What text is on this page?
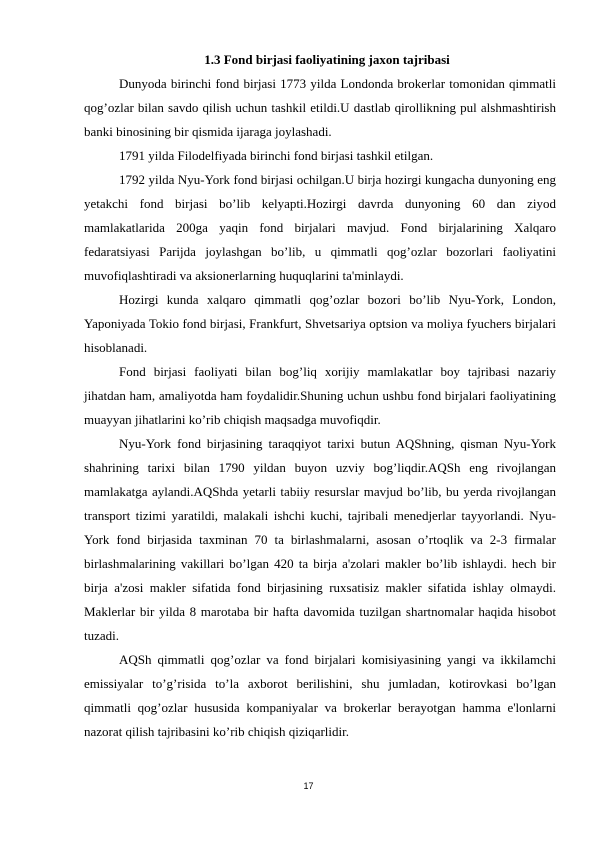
1.3 Fond birjasi faoliyatining jaxon tajribasi

Dunyoda birinchi fond birjasi 1773 yilda Londonda brokerlar tomonidan qimmatli qog’ozlar bilan savdo qilish uchun tashkil etildi.U dastlab qirollikning pul alshmashtirish banki binosining bir qismida ijaraga joylashadi.

1791 yilda Filodelfiyada birinchi fond birjasi tashkil etilgan.

1792 yilda Nyu-York fond birjasi ochilgan.U birja hozirgi kungacha dunyoning eng yetakchi fond birjasi bo’lib kelyapti.Hozirgi davrda dunyoning 60 dan ziyod mamlakatlarida 200ga yaqin fond birjalari mavjud. Fond birjalarining Xalqaro fedaratsiyasi Parijda joylashgan bo’lib, u qimmatli qog’ozlar bozorlari faoliyatini muvofiqlashtiradi va aksionerlarning huquqlarini ta'minlaydi.

Hozirgi kunda xalqaro qimmatli qog’ozlar bozori bo’lib Nyu-York, London, Yaponiyada Tokio fond birjasi, Frankfurt, Shvetsariya optsion va moliya fyuchers birjalari hisoblanadi.

Fond birjasi faoliyati bilan bog’liq xorijiy mamlakatlar boy tajribasi nazariy jihatdan ham, amaliyotda ham foydalidir.Shuning uchun ushbu fond birjalari faoliyatining muayyan jihatlarini ko’rib chiqish maqsadga muvofiqdir.

Nyu-York fond birjasining taraqqiyot tarixi butun AQShning, qisman Nyu-York shahrining tarixi bilan 1790 yildan buyon uzviy bog’liqdir.AQSh eng rivojlangan mamlakatga aylandi.AQShda yetarli tabiiy resurslar mavjud bo’lib, bu yerda rivojlangan transport tizimi yaratildi, malakali ishchi kuchi, tajribali menedjerlar tayyorlandi. Nyu-York fond birjasida taxminan 70 ta birlashmalarni, asosan o’rtoqlik va 2-3 firmalar birlashmalarining vakillari bo’lgan 420 ta birja a'zolari makler bo’lib ishlaydi. hech bir birja a'zosi makler sifatida fond birjasining ruxsatisiz makler sifatida ishlay olmaydi. Maklerlar bir yilda 8 marotaba bir hafta davomida tuzilgan shartnomalar haqida hisobot tuzadi.

AQSh qimmatli qog’ozlar va fond birjalari komisiyasining yangi va ikkilamchi emissiyalar to’g’risida to’la axborot berilishini, shu jumladan, kotirovkasi bo’lgan qimmatli qog’ozlar hususida kompaniyalar va brokerlar berayotgan hamma e'lonlarni nazorat qilish tajribasini ko’rib chiqish qiziqarlidir.

17
